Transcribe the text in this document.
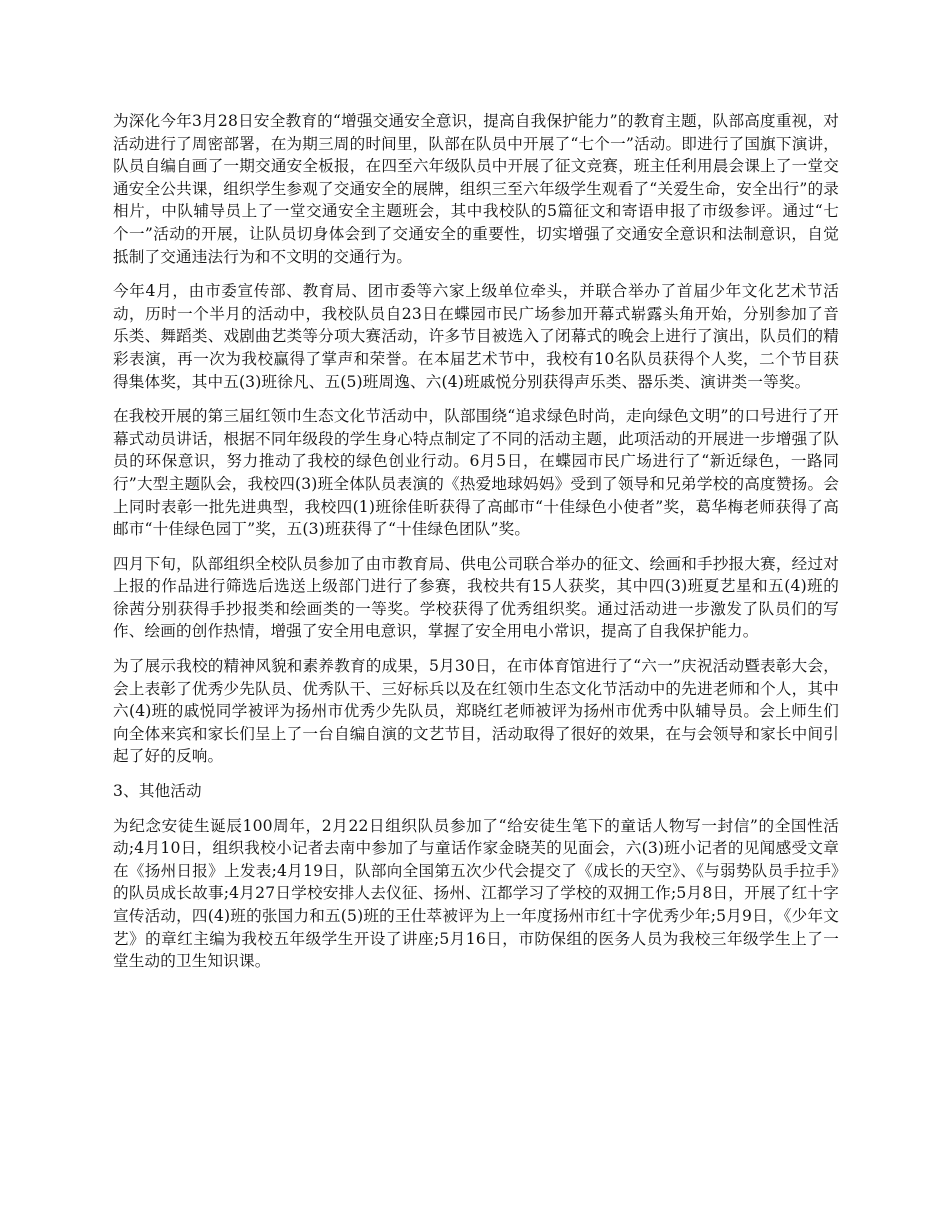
为深化今年3月28日安全教育的“增强交通安全意识，提高自我保护能力”的教育主题，队部高度重视，对活动进行了周密部署，在为期三周的时间里，队部在队员中开展了“七个一”活动。即进行了国旗下演讲，队员自编自画了一期交通安全板报，在四至六年级队员中开展了征文竞赛，班主任利用晨会课上了一堂交通安全公共课，组织学生参观了交通安全的展牌，组织三至六年级学生观看了“关爱生命，安全出行”的录相片，中队辅导员上了一堂交通安全主题班会，其中我校队的5篇征文和寄语申报了市级参评。通过“七个一”活动的开展，让队员切身体会到了交通安全的重要性，切实增强了交通安全意识和法制意识，自觉抵制了交通违法行为和不文明的交通行为。

今年4月，由市委宣传部、教育局、团市委等六家上级单位牵头，并联合举办了首届少年文化艺术节活动，历时一个半月的活动中，我校队员自23日在蝶园市民广场参加开幕式崭露头角开始，分别参加了音乐类、舞蹈类、戏剧曲艺类等分项大赛活动，许多节目被选入了闭幕式的晚会上进行了演出，队员们的精彩表演，再一次为我校赢得了掌声和荣誉。在本届艺术节中，我校有10名队员获得个人奖，二个节目获得集体奖，其中五(3)班徐凡、五(5)班周逸、六(4)班戚悦分别获得声乐类、器乐类、演讲类一等奖。

在我校开展的第三届红领巾生态文化节活动中，队部围绕“追求绿色时尚，走向绿色文明”的口号进行了开幕式动员讲话，根据不同年级段的学生身心特点制定了不同的活动主题，此项活动的开展进一步增强了队员的环保意识，努力推动了我校的绿色创业行动。6月5日，在蝶园市民广场进行了“新近绿色，一路同行”大型主题队会，我校四(3)班全体队员表演的《热爱地球妈妈》受到了领导和兄弟学校的高度赞扬。会上同时表彰一批先进典型，我校四(1)班徐佳昕获得了高邮市“十佳绿色小使者”奖，葛华梅老师获得了高邮市“十佳绿色园丁”奖，五(3)班获得了“十佳绿色团队”奖。

四月下旬，队部组织全校队员参加了由市教育局、供电公司联合举办的征文、绘画和手抄报大赛，经过对上报的作品进行筛选后选送上级部门进行了参赛，我校共有15人获奖，其中四(3)班夏艺星和五(4)班的徐茜分别获得手抄报类和绘画类的一等奖。学校获得了优秀组织奖。通过活动进一步激发了队员们的写作、绘画的创作热情，增强了安全用电意识，掌握了安全用电小常识，提高了自我保护能力。

为了展示我校的精神风貌和素养教育的成果，5月30日，在市体育馆进行了“六一”庆祝活动暨表彰大会，会上表彰了优秀少先队员、优秀队干、三好标兵以及在红领巾生态文化节活动中的先进老师和个人，其中六(4)班的戚悦同学被评为扬州市优秀少先队员，郑晓红老师被评为扬州市优秀中队辅导员。会上师生们向全体来宾和家长们呈上了一台自编自演的文艺节目，活动取得了很好的效果，在与会领导和家长中间引起了好的反响。

3、其他活动

为纪念安徒生诞辰100周年，2月22日组织队员参加了“给安徒生笔下的童话人物写一封信”的全国性活动;4月10日，组织我校小记者去南中参加了与童话作家金晓芙的见面会，六(3)班小记者的见闻感受文章在《扬州日报》上发表;4月19日，队部向全国第五次少代会提交了《成长的天空》、《与弱势队员手拉手》的队员成长故事;4月27日学校安排人去仪征、扬州、江都学习了学校的双拥工作;5月8日，开展了红十字宣传活动，四(4)班的张国力和五(5)班的王仕萃被评为上一年度扬州市红十字优秀少年;5月9日，《少年文艺》的章红主编为我校五年级学生开设了讲座;5月16日，市防保组的医务人员为我校三年级学生上了一堂生动的卫生知识课。
